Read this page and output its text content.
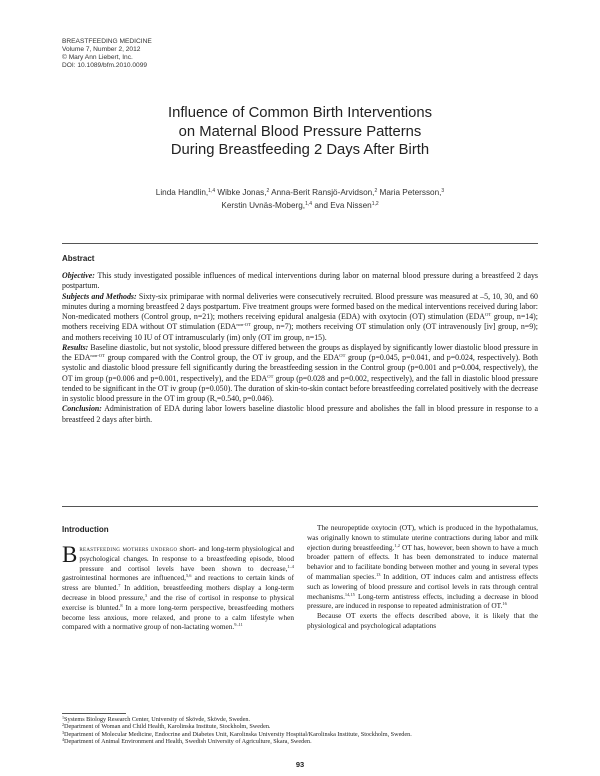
BREASTFEEDING MEDICINE
Volume 7, Number 2, 2012
© Mary Ann Liebert, Inc.
DOI: 10.1089/bfm.2010.0099
Influence of Common Birth Interventions
on Maternal Blood Pressure Patterns
During Breastfeeding 2 Days After Birth
Linda Handlin,$^{1,4}$ Wibke Jonas,$^2$ Anna-Berit Ransjö-Arvidson,$^2$ Maria Petersson,$^3$
Kerstin Uvnäs-Moberg,$^{1,4}$ and Eva Nissen$^{1,2}$
Abstract

Objective: This study investigated possible influences of medical interventions during labor on maternal blood pressure during a breastfeed 2 days postpartum.

Subjects and Methods: Sixty-six primiparae with normal deliveries were consecutively recruited. Blood pressure was measured at –5, 10, 30, and 60 minutes during a morning breastfeed 2 days postpartum. Five treatment groups were formed based on the medical interventions received during labor: Non-medicated mothers (Control group, n=21); mothers receiving epidural analgesia (EDA) with oxytocin (OT) stimulation ($EDA^{OT}$ group, n=14); mothers receiving EDA without OT stimulation ($EDA^{non-OT}$ group, n=7); mothers receiving OT stimulation only (OT intravenously [iv] group, n=9); and mothers receiving 10 IU of OT intramuscularly (im) only (OT im group, n=15).

Results: Baseline diastolic, but not systolic, blood pressure differed between the groups as displayed by significantly lower diastolic blood pressure in the $EDA^{non-OT}$ group compared with the Control group, the OT iv group, and the $EDA^{OT}$ group (p=0.045, p=0.041, and p=0.024, respectively). Both systolic and diastolic blood pressure fell significantly during the breastfeeding session in the Control group (p=0.001 and p=0.004, respectively), the OT im group (p=0.006 and p=0.001, respectively), and the $EDA^{OT}$ group (p=0.028 and p=0.002, respectively), and the fall in diastolic blood pressure tended to be significant in the OT iv group (p=0.050). The duration of skin-to-skin contact before breastfeeding correlated positively with the decrease in systolic blood pressure in the OT im group ($R_s=0.540$, p=0.046).

Conclusion: Administration of EDA during labor lowers baseline diastolic blood pressure and abolishes the fall in blood pressure in response to a breastfeed 2 days after birth.

Introduction

Breastfeeding mothers undergo short- and long-term physiological and psychological changes. In response to a breastfeeding episode, blood pressure and cortisol levels have been shown to decrease,$^{1-4}$ gastrointestinal hormones are influenced,$^{5,6}$ and reactions to certain kinds of stress are blunted.$^7$ In addition, breastfeeding mothers display a long-term decrease in blood pressure,$^3$ and the rise of cortisol in response to physical exercise is blunted.$^8$ In a more long-term perspective, breastfeeding mothers become less anxious, more relaxed, and prone to a calm lifestyle when compared with a normative group of non-lactating women.$^{9-11}$

The neuropeptide oxytocin (OT), which is produced in the hypothalamus, was originally known to stimulate uterine contractions during labor and milk ejection during breastfeeding.$^{1,2}$ OT has, however, been shown to have a much broader pattern of effects. It has been demonstrated to induce maternal behavior and to facilitate bonding between mother and young in several types of mammalian species.$^{13}$ In addition, OT induces calm and antistress effects such as lowering of blood pressure and cortisol levels in rats through central mechanisms.$^{14,15}$ Long-term antistress effects, including a decrease in blood pressure, are induced in response to repeated administration of OT.$^{16}$

Because OT exerts the effects described above, it is likely that the physiological and psychological adaptations

$^1$Systems Biology Research Center, University of Skövde, Skövde, Sweden.
$^2$Department of Woman and Child Health, Karolinska Institute, Stockholm, Sweden.
$^3$Department of Molecular Medicine, Endocrine and Diabetes Unit, Karolinska University Hospital/Karolinska Institute, Stockholm, Sweden.
$^4$Department of Animal Environment and Health, Swedish University of Agriculture, Skara, Sweden.
93
